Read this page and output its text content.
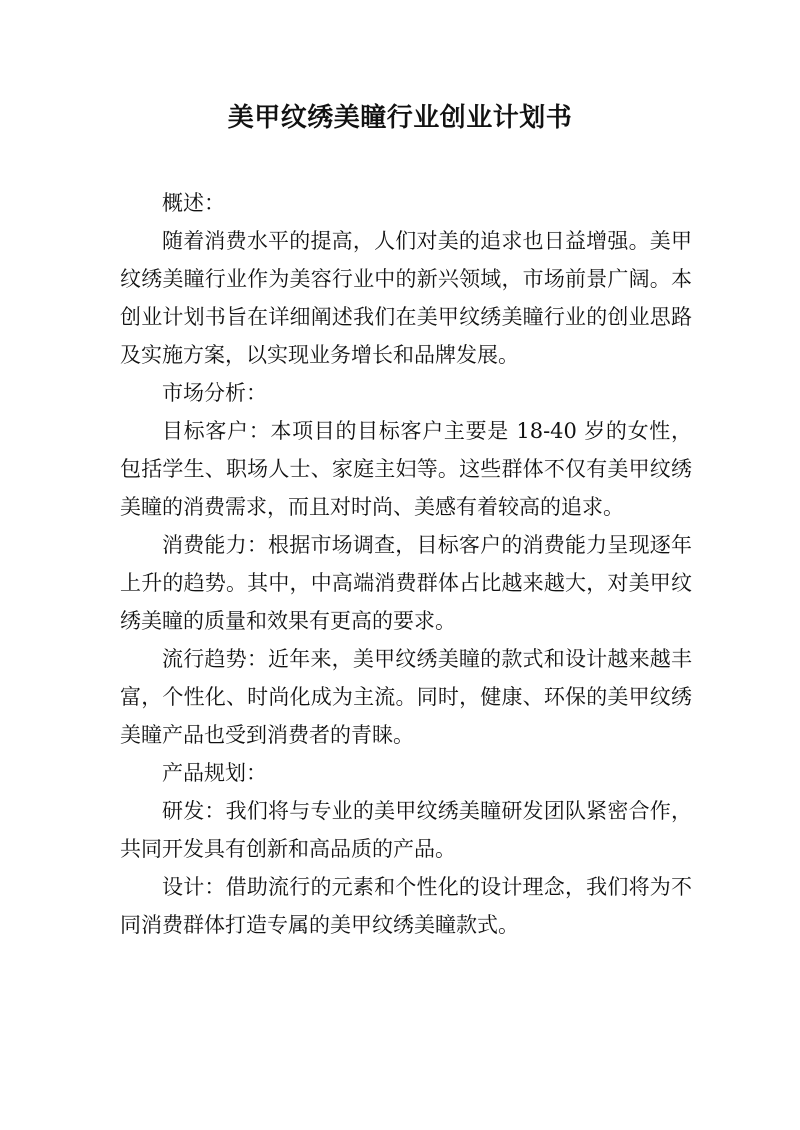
美甲纹绣美瞳行业创业计划书

概述：

随着消费水平的提高，人们对美的追求也日益增强。美甲纹绣美瞳行业作为美容行业中的新兴领域，市场前景广阔。本创业计划书旨在详细阐述我们在美甲纹绣美瞳行业的创业思路及实施方案，以实现业务增长和品牌发展。

市场分析：

目标客户：本项目的目标客户主要是 18-40 岁的女性，包括学生、职场人士、家庭主妇等。这些群体不仅有美甲纹绣美瞳的消费需求，而且对时尚、美感有着较高的追求。

消费能力：根据市场调查，目标客户的消费能力呈现逐年上升的趋势。其中，中高端消费群体占比越来越大，对美甲纹绣美瞳的质量和效果有更高的要求。

流行趋势：近年来，美甲纹绣美瞳的款式和设计越来越丰富，个性化、时尚化成为主流。同时，健康、环保的美甲纹绣美瞳产品也受到消费者的青睐。

产品规划：

研发：我们将与专业的美甲纹绣美瞳研发团队紧密合作，共同开发具有创新和高品质的产品。

设计：借助流行的元素和个性化的设计理念，我们将为不同消费群体打造专属的美甲纹绣美瞳款式。
